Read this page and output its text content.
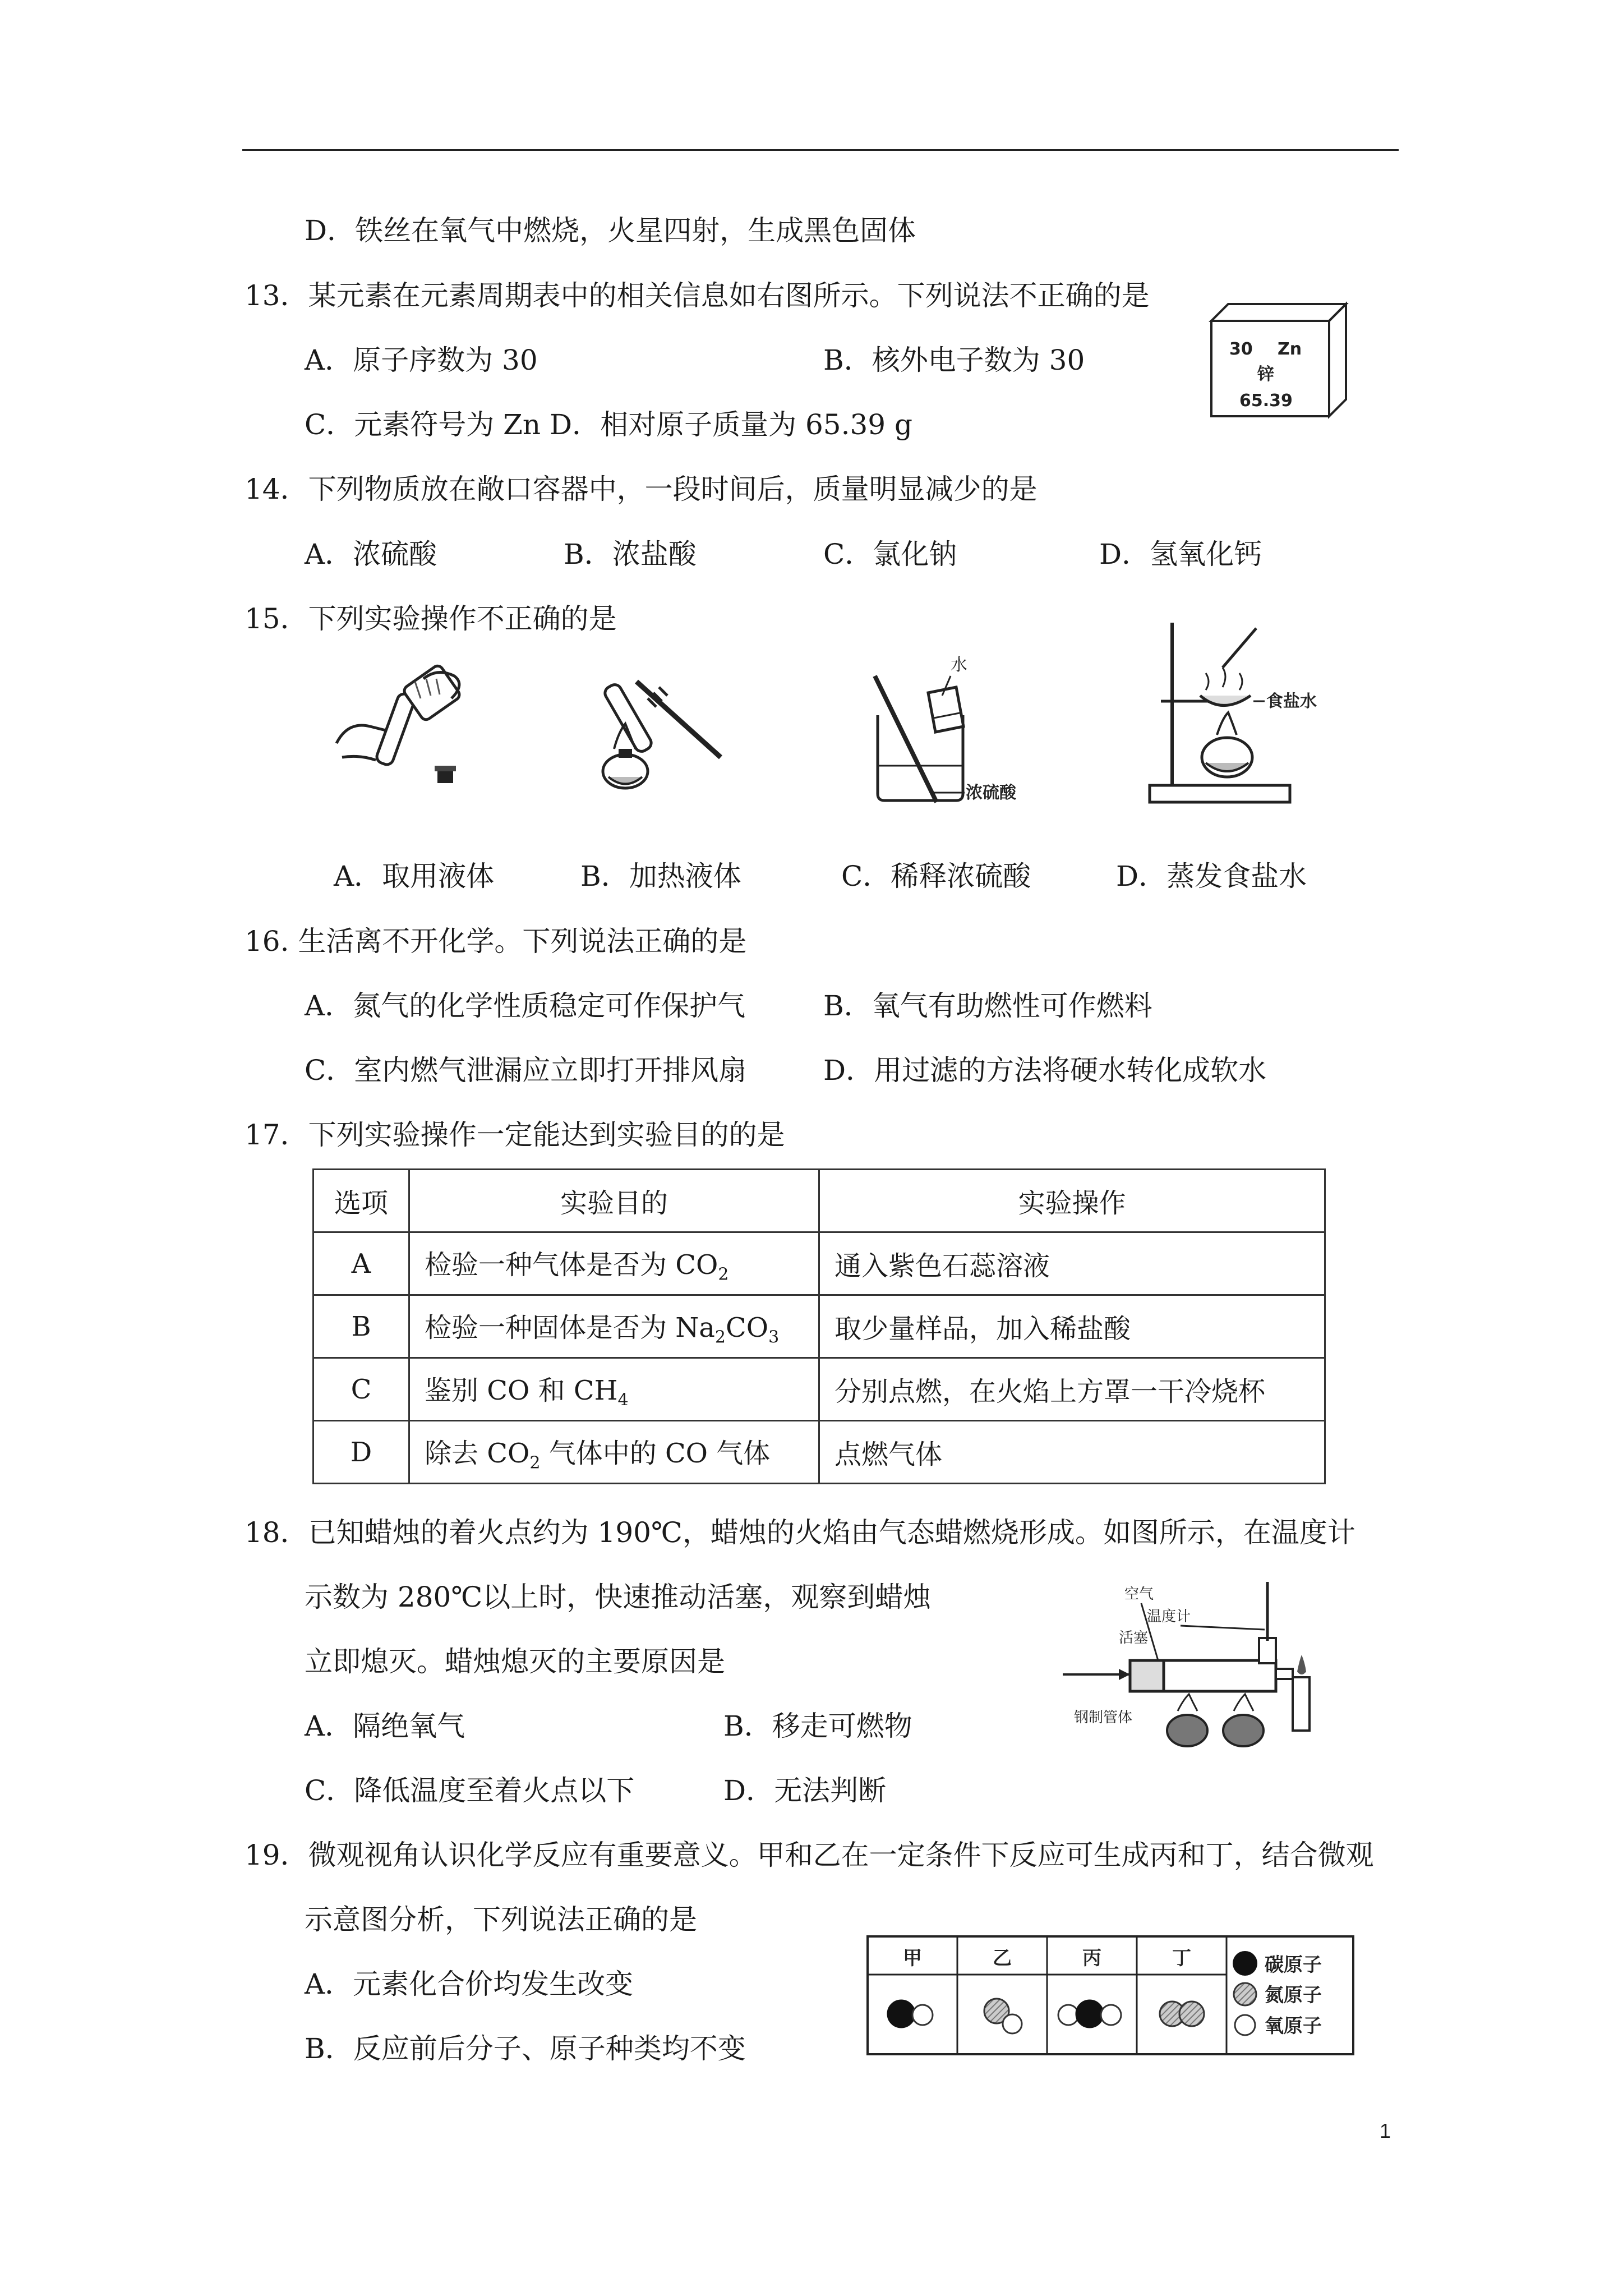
D．铁丝在氧气中燃烧，火星四射，生成黑色固体
13．某元素在元素周期表中的相关信息如右图所示。下列说法不正确的是
A．原子序数为 30	B．核外电子数为 30
C．元素符号为 Zn D．相对原子质量为 65.39 g
30 Zn
锌
65.39
14．下列物质放在敞口容器中，一段时间后，质量明显减少的是
A．浓硫酸	B．浓盐酸	C．氯化钠	D．氢氧化钙
15．下列实验操作不正确的是
水
浓硫酸
食盐水
A．取用液体	B．加热液体	C．稀释浓硫酸	D．蒸发食盐水
16. 生活离不开化学。下列说法正确的是
A．氮气的化学性质稳定可作保护气	B．氧气有助燃性可作燃料
C．室内燃气泄漏应立即打开排风扇	D．用过滤的方法将硬水转化成软水
17．下列实验操作一定能达到实验目的的是
选项	实验目的	实验操作
A	检验一种气体是否为 $CO_2$	通入紫色石蕊溶液
B	检验一种固体是否为 $Na_2CO_3$	取少量样品，加入稀盐酸
C	鉴别 CO 和 $CH_4$	分别点燃，在火焰上方罩一干冷烧杯
D	除去 $CO_2$ 气体中的 CO 气体	点燃气体
18．已知蜡烛的着火点约为 190℃，蜡烛的火焰由气态蜡燃烧形成。如图所示，在温度计
示数为 280℃以上时，快速推动活塞，观察到蜡烛
立即熄灭。蜡烛熄灭的主要原因是
A．隔绝氧气	B．移走可燃物
C．降低温度至着火点以下	D．无法判断
空气
温度计
活塞
钢制管体
19．微观视角认识化学反应有重要意义。甲和乙在一定条件下反应可生成丙和丁，结合微观
示意图分析，下列说法正确的是
A．元素化合价均发生改变
B．反应前后分子、原子种类均不变
甲	乙	丙	丁	碳原子
氮原子
氧原子
1
